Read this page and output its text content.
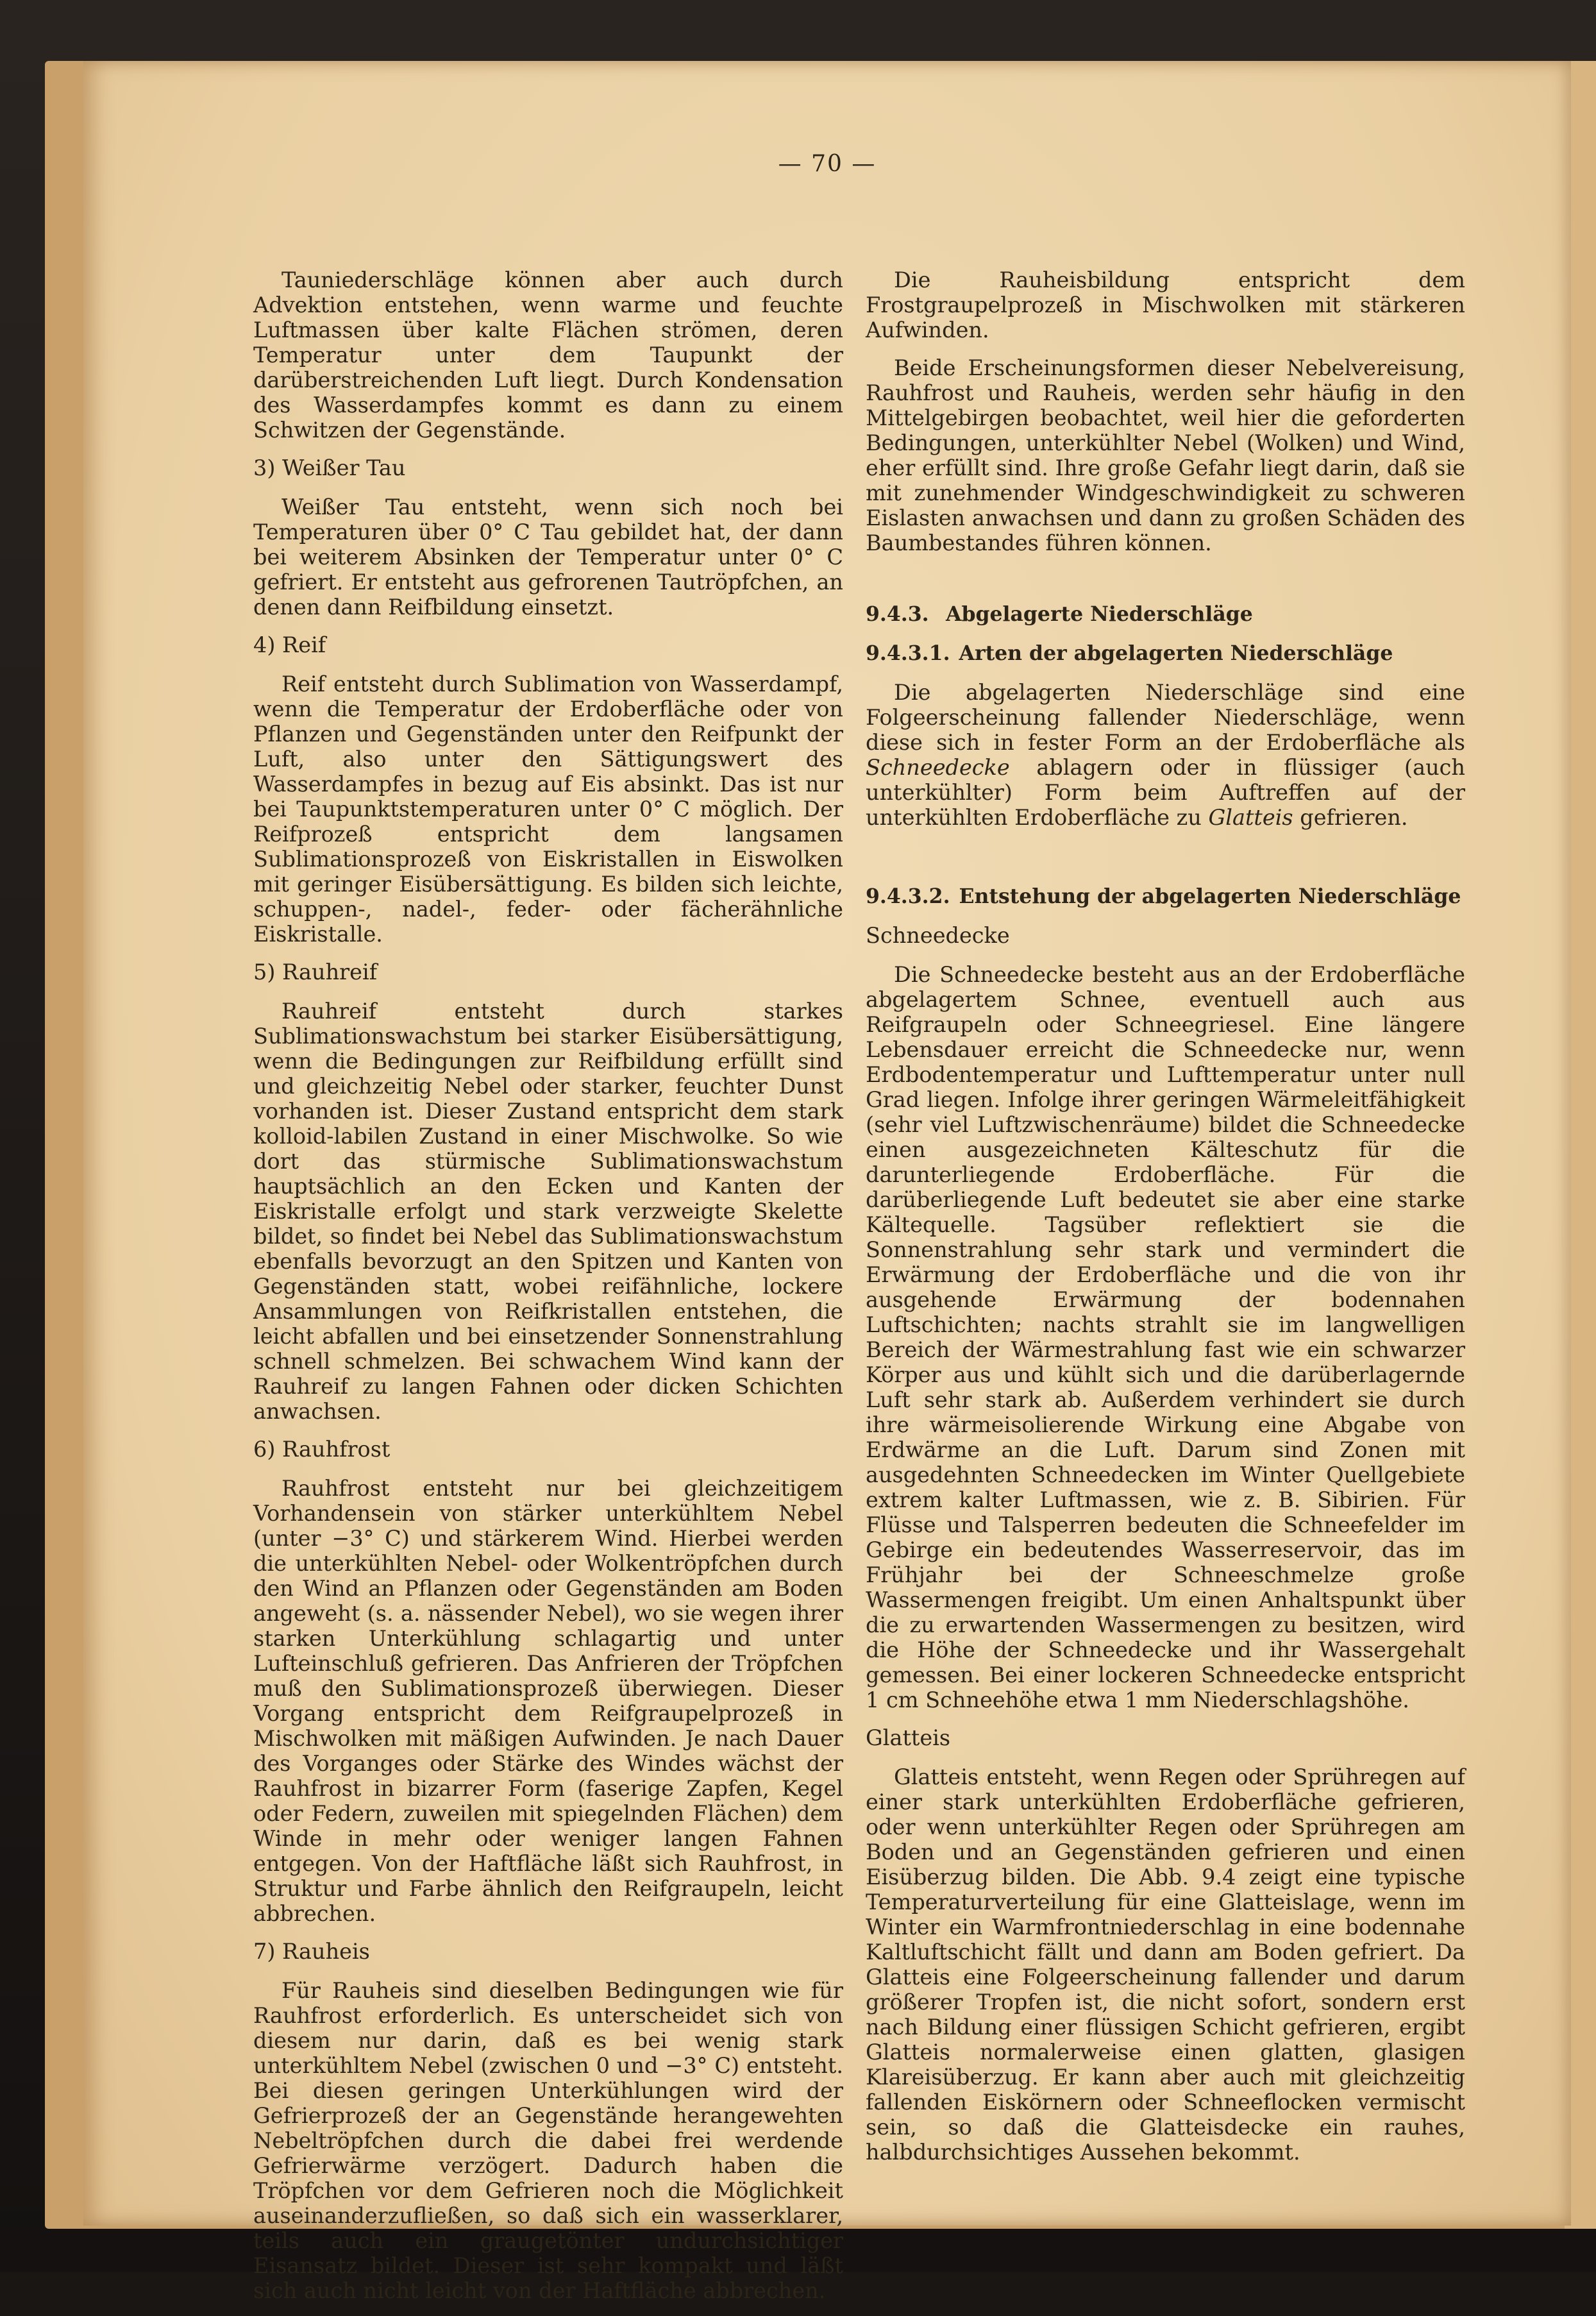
— 70 —

Tauniederschläge können aber auch durch Advektion entstehen, wenn warme und feuchte Luftmassen über kalte Flächen strömen, deren Temperatur unter dem Taupunkt der darüberstreichenden Luft liegt. Durch Kondensation des Wasserdampfes kommt es dann zu einem Schwitzen der Gegenstände.

3) Weißer Tau

Weißer Tau entsteht, wenn sich noch bei Temperaturen über 0° C Tau gebildet hat, der dann bei weiterem Absinken der Temperatur unter 0° C gefriert. Er entsteht aus gefrorenen Tautröpfchen, an denen dann Reifbildung einsetzt.

4) Reif

Reif entsteht durch Sublimation von Wasserdampf, wenn die Temperatur der Erdoberfläche oder von Pflanzen und Gegenständen unter den Reifpunkt der Luft, also unter den Sättigungswert des Wasserdampfes in bezug auf Eis absinkt. Das ist nur bei Taupunktstemperaturen unter 0° C möglich. Der Reifprozeß entspricht dem langsamen Sublimationsprozeß von Eiskristallen in Eiswolken mit geringer Eisübersättigung. Es bilden sich leichte, schuppen-, nadel-, feder- oder fächerähnliche Eiskristalle.

5) Rauhreif

Rauhreif entsteht durch starkes Sublimationswachstum bei starker Eisübersättigung, wenn die Bedingungen zur Reifbildung erfüllt sind und gleichzeitig Nebel oder starker, feuchter Dunst vorhanden ist. Dieser Zustand entspricht dem stark kolloid-labilen Zustand in einer Mischwolke. So wie dort das stürmische Sublimationswachstum hauptsächlich an den Ecken und Kanten der Eiskristalle erfolgt und stark verzweigte Skelette bildet, so findet bei Nebel das Sublimationswachstum ebenfalls bevorzugt an den Spitzen und Kanten von Gegenständen statt, wobei reifähnliche, lockere Ansammlungen von Reifkristallen entstehen, die leicht abfallen und bei einsetzender Sonnenstrahlung schnell schmelzen. Bei schwachem Wind kann der Rauhreif zu langen Fahnen oder dicken Schichten anwachsen.

6) Rauhfrost

Rauhfrost entsteht nur bei gleichzeitigem Vorhandensein von stärker unterkühltem Nebel (unter −3° C) und stärkerem Wind. Hierbei werden die unterkühlten Nebel- oder Wolkentröpfchen durch den Wind an Pflanzen oder Gegenständen am Boden angeweht (s. a. nässender Nebel), wo sie wegen ihrer starken Unterkühlung schlagartig und unter Lufteinschluß gefrieren. Das Anfrieren der Tröpfchen muß den Sublimationsprozeß überwiegen. Dieser Vorgang entspricht dem Reifgraupelprozeß in Mischwolken mit mäßigen Aufwinden. Je nach Dauer des Vorganges oder Stärke des Windes wächst der Rauhfrost in bizarrer Form (faserige Zapfen, Kegel oder Federn, zuweilen mit spiegelnden Flächen) dem Winde in mehr oder weniger langen Fahnen entgegen. Von der Haftfläche läßt sich Rauhfrost, in Struktur und Farbe ähnlich den Reifgraupeln, leicht abbrechen.

7) Rauheis

Für Rauheis sind dieselben Bedingungen wie für Rauhfrost erforderlich. Es unterscheidet sich von diesem nur darin, daß es bei wenig stark unterkühltem Nebel (zwischen 0 und −3° C) entsteht. Bei diesen geringen Unterkühlungen wird der Gefrierprozeß der an Gegenstände herangewehten Nebeltröpfchen durch die dabei frei werdende Gefrierwärme verzögert. Dadurch haben die Tröpfchen vor dem Gefrieren noch die Möglichkeit auseinanderzufließen, so daß sich ein wasserklarer, teils auch ein graugetönter undurchsichtiger Eisansatz bildet. Dieser ist sehr kompakt und läßt sich auch nicht leicht von der Haftfläche abbrechen.

Die Rauheisbildung entspricht dem Frostgraupelprozeß in Mischwolken mit stärkeren Aufwinden.

Beide Erscheinungsformen dieser Nebelvereisung, Rauhfrost und Rauheis, werden sehr häufig in den Mittelgebirgen beobachtet, weil hier die geforderten Bedingungen, unterkühlter Nebel (Wolken) und Wind, eher erfüllt sind. Ihre große Gefahr liegt darin, daß sie mit zunehmender Windgeschwindigkeit zu schweren Eislasten anwachsen und dann zu großen Schäden des Baumbestandes führen können.

9.4.3. Abgelagerte Niederschläge
9.4.3.1. Arten der abgelagerten Niederschläge

Die abgelagerten Niederschläge sind eine Folgeerscheinung fallender Niederschläge, wenn diese sich in fester Form an der Erdoberfläche als Schneedecke ablagern oder in flüssiger (auch unterkühlter) Form beim Auftreffen auf der unterkühlten Erdoberfläche zu Glatteis gefrieren.

9.4.3.2. Entstehung der abgelagerten Niederschläge
Schneedecke

Die Schneedecke besteht aus an der Erdoberfläche abgelagertem Schnee, eventuell auch aus Reifgraupeln oder Schneegriesel. Eine längere Lebensdauer erreicht die Schneedecke nur, wenn Erdbodentemperatur und Lufttemperatur unter null Grad liegen. Infolge ihrer geringen Wärmeleitfähigkeit (sehr viel Luftzwischenräume) bildet die Schneedecke einen ausgezeichneten Kälteschutz für die darunterliegende Erdoberfläche. Für die darüberliegende Luft bedeutet sie aber eine starke Kältequelle. Tagsüber reflektiert sie die Sonnenstrahlung sehr stark und vermindert die Erwärmung der Erdoberfläche und die von ihr ausgehende Erwärmung der bodennahen Luftschichten; nachts strahlt sie im langwelligen Bereich der Wärmestrahlung fast wie ein schwarzer Körper aus und kühlt sich und die darüberlagernde Luft sehr stark ab. Außerdem verhindert sie durch ihre wärmeisolierende Wirkung eine Abgabe von Erdwärme an die Luft. Darum sind Zonen mit ausgedehnten Schneedecken im Winter Quellgebiete extrem kalter Luftmassen, wie z. B. Sibirien. Für Flüsse und Talsperren bedeuten die Schneefelder im Gebirge ein bedeutendes Wasserreservoir, das im Frühjahr bei der Schneeschmelze große Wassermengen freigibt. Um einen Anhaltspunkt über die zu erwartenden Wassermengen zu besitzen, wird die Höhe der Schneedecke und ihr Wassergehalt gemessen. Bei einer lockeren Schneedecke entspricht 1 cm Schneehöhe etwa 1 mm Niederschlagshöhe.

Glatteis

Glatteis entsteht, wenn Regen oder Sprühregen auf einer stark unterkühlten Erdoberfläche gefrieren, oder wenn unterkühlter Regen oder Sprühregen am Boden und an Gegenständen gefrieren und einen Eisüberzug bilden. Die Abb. 9.4 zeigt eine typische Temperaturverteilung für eine Glatteislage, wenn im Winter ein Warmfrontniederschlag in eine bodennahe Kaltluftschicht fällt und dann am Boden gefriert. Da Glatteis eine Folgeerscheinung fallender und darum größerer Tropfen ist, die nicht sofort, sondern erst nach Bildung einer flüssigen Schicht gefrieren, ergibt Glatteis normalerweise einen glatten, glasigen Klareisüberzug. Er kann aber auch mit gleichzeitig fallenden Eiskörnern oder Schneeflocken vermischt sein, so daß die Glatteisdecke ein rauhes, halbdurchsichtiges Aussehen bekommt.
